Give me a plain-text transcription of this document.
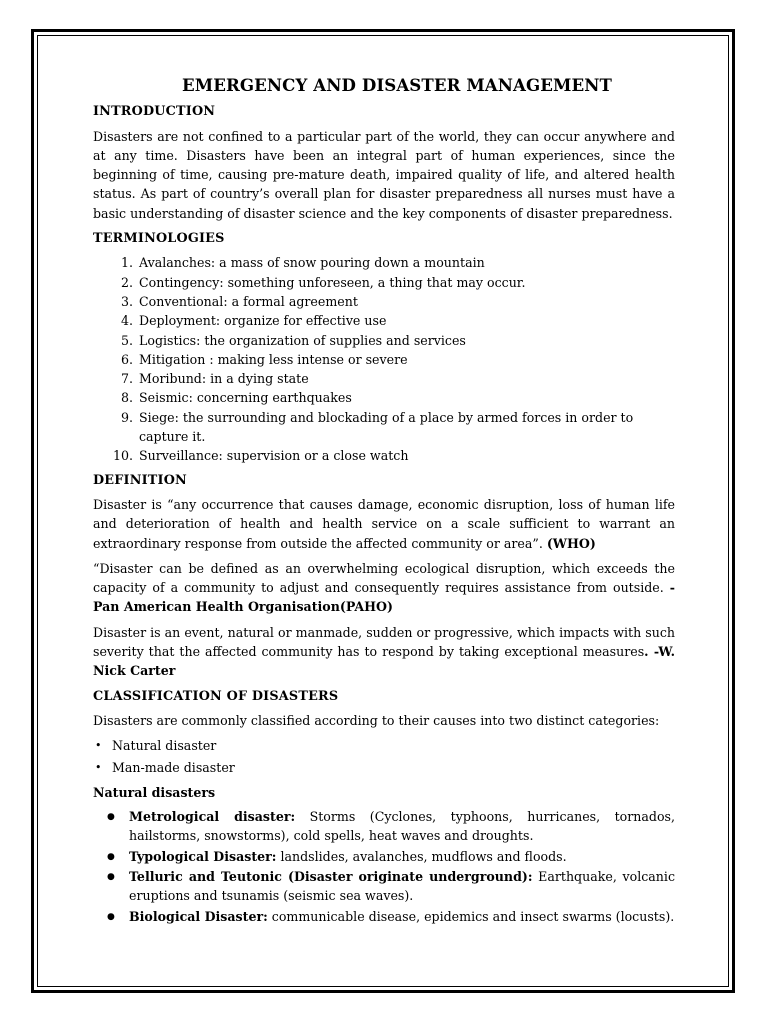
EMERGENCY AND DISASTER MANAGEMENT
INTRODUCTION

Disasters are not confined to a particular part of the world, they can occur anywhere and at any time. Disasters have been an integral part of human experiences, since the beginning of time, causing pre-mature death, impaired quality of life, and altered health status. As part of country’s overall plan for disaster preparedness all nurses must have a basic understanding of disaster science and the key components of disaster preparedness.

TERMINOLOGIES
1 . Avalanches: a mass of snow pouring down a mountain
2 . Contingency: something unforeseen, a thing that may occur.
3 . Conventional: a formal agreement
4 . Deployment: organize for effective use
5 . Logistics: the organization of supplies and services
6 . Mitigation : making less intense or severe
7 . Moribund: in a dying state
8 . Seismic: concerning earthquakes
9 . Siege: the surrounding and blockading of a place by armed forces in order to capture it.
10 . Surveillance: supervision or a close watch
DEFINITION

Disaster is “any occurrence that causes damage, economic disruption, loss of human life and deterioration of health and health service on a scale sufficient to warrant an extraordinary response from outside the affected community or area”. (WHO)

“Disaster can be defined as an overwhelming ecological disruption, which exceeds the capacity of a community to adjust and consequently requires assistance from outside. -Pan American Health Organisation(PAHO)

Disaster is an event, natural or manmade, sudden or progressive, which impacts with such severity that the affected community has to respond by taking exceptional measures. -W. Nick Carter

CLASSIFICATION OF DISASTERS

Disasters are commonly classified according to their causes into two distinct categories:

• Natural disaster
• Man-made disaster
Natural disasters
● Metrological disaster: Storms (Cyclones, typhoons, hurricanes, tornados, hailstorms, snowstorms), cold spells, heat waves and droughts.
● Typological Disaster: landslides, avalanches, mudflows and floods.
● Telluric and Teutonic (Disaster originate underground): Earthquake, volcanic eruptions and tsunamis (seismic sea waves).
● Biological Disaster: communicable disease, epidemics and insect swarms (locusts).
